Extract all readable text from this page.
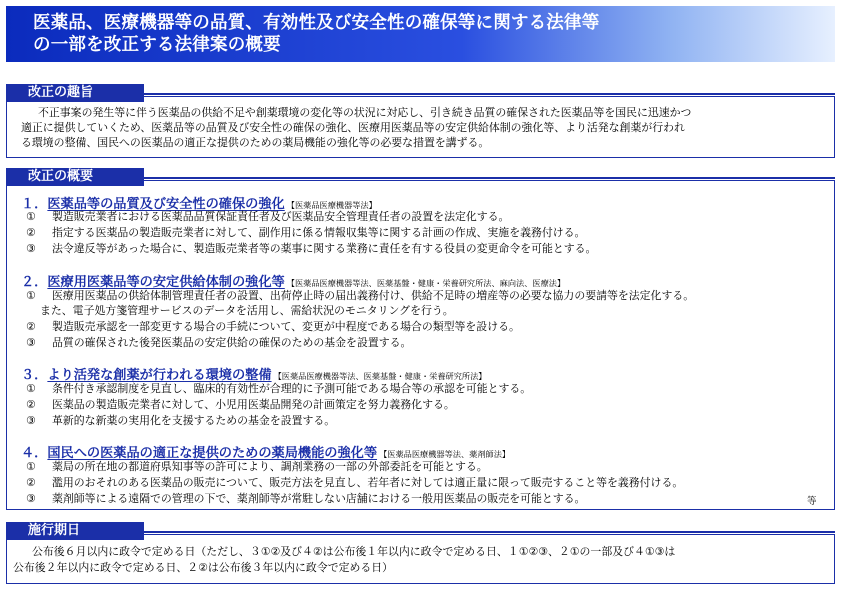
医薬品、医療機器等の品質、有効性及び安全性の確保等に関する法律等
の一部を改正する法律案の概要
改正の趣旨
不正事案の発生等に伴う医薬品の供給不足や創薬環境の変化等の状況に対応し、引き続き品質の確保された医薬品等を国民に迅速かつ
適正に提供していくため、医薬品等の品質及び安全性の確保の強化、医療用医薬品等の安定供給体制の強化等、より活発な創薬が行われ
る環境の整備、国民への医薬品の適正な提供のための薬局機能の強化等の必要な措置を講ずる。
改正の概要
１．医薬品等の品質及び安全性の確保の強化 【医薬品医療機器等法】
① 製造販売業者における医薬品品質保証責任者及び医薬品安全管理責任者の設置を法定化する。
② 指定する医薬品の製造販売業者に対して、副作用に係る情報収集等に関する計画の作成、実施を義務付ける。
③ 法令違反等があった場合に、製造販売業者等の薬事に関する業務に責任を有する役員の変更命令を可能とする。
２．医療用医薬品等の安定供給体制の強化等 【医薬品医療機器等法、医薬基盤・健康・栄養研究所法、麻向法、医療法】
① 医療用医薬品の供給体制管理責任者の設置、出荷停止時の届出義務付け、供給不足時の増産等の必要な協力の要請等を法定化する。
また、電子処方箋管理サービスのデータを活用し、需給状況のモニタリングを行う。
② 製造販売承認を一部変更する場合の手続について、変更が中程度である場合の類型等を設ける。
③ 品質の確保された後発医薬品の安定供給の確保のための基金を設置する。
３．より活発な創薬が行われる環境の整備 【医薬品医療機器等法、医薬基盤・健康・栄養研究所法】
① 条件付き承認制度を見直し、臨床的有効性が合理的に予測可能である場合等の承認を可能とする。
② 医薬品の製造販売業者に対して、小児用医薬品開発の計画策定を努力義務化する。
③ 革新的な新薬の実用化を支援するための基金を設置する。
４．国民への医薬品の適正な提供のための薬局機能の強化等 【医薬品医療機器等法、薬剤師法】
① 薬局の所在地の都道府県知事等の許可により、調剤業務の一部の外部委託を可能とする。
② 濫用のおそれのある医薬品の販売について、販売方法を見直し、若年者に対しては適正量に限って販売すること等を義務付ける。
③ 薬剤師等による遠隔での管理の下で、薬剤師等が常駐しない店舗における一般用医薬品の販売を可能とする。	等
施行期日
公布後６月以内に政令で定める日（ただし、３①②及び４②は公布後１年以内に政令で定める日、１①②③、２①の一部及び４①③は
公布後２年以内に政令で定める日、２②は公布後３年以内に政令で定める日）
